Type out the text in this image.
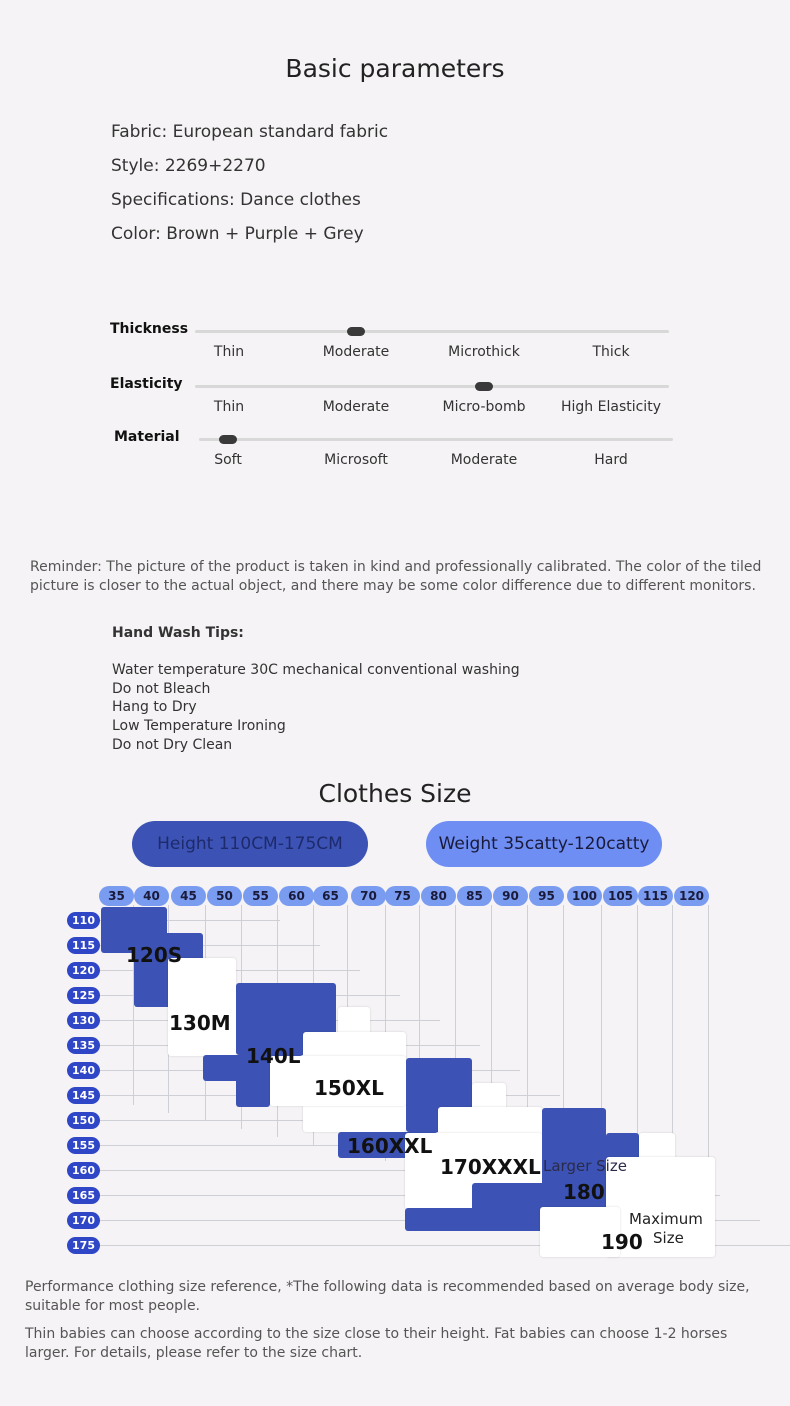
Basic parameters
Fabric: European standard fabric
Style: 2269+2270
Specifications: Dance clothes
Color: Brown + Purple + Grey
Thickness
Thin	Moderate	Microthick	Thick
Elasticity
Thin	Moderate	Micro-bomb	High Elasticity
Material
Soft	Microsoft	Moderate	Hard
Reminder: The picture of the product is taken in kind and professionally calibrated. The color of the tiled picture is closer to the actual object, and there may be some color difference due to different monitors.
Hand Wash Tips:
Water temperature 30C mechanical conventional washing
Do not Bleach
Hang to Dry
Low Temperature Ironing
Do not Dry Clean
Clothes Size
Height 110CM-175CM	Weight 35catty-120catty
35	40	45	50	55	60	65	70	75	80	85	90	95	100 105 115 120
110
115
120
125
130
135
140
145
150
155
160
165
170
175
120S
130M
140L
150XL
160XXL
170XXXL Larger Size
180
190
Maximum
Size
Performance clothing size reference, *The following data is recommended based on average body size, suitable for most people.
Thin babies can choose according to the size close to their height. Fat babies can choose 1-2 horses larger. For details, please refer to the size chart.
